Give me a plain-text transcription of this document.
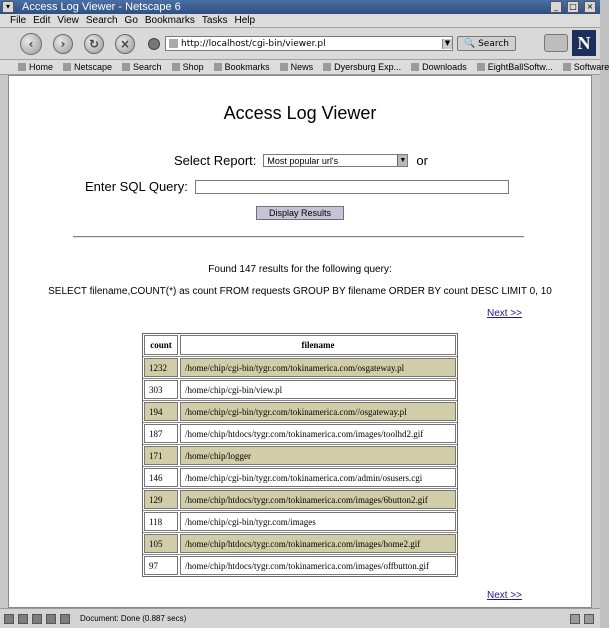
▾	Access Log Viewer - Netscape 6	_ □ ×
File Edit View Search Go Bookmarks Tasks Help
‹ › ↻ ×	http://localhost/cgi-bin/viewer.pl	▼ 🔍 Search	N
Home Netscape Search Shop Bookmarks News Dyersburg Exp... Downloads EightBallSoftw... Software
Access Log Viewer
Select Report: Most popular url's	▼ or
Enter SQL Query:
Display Results
Found 147 results for the following query:
SELECT filename,COUNT(*) as count FROM requests GROUP BY filename ORDER BY count DESC LIMIT 0, 10
Next >>
count	filename
1232	/home/chip/cgi-bin/tygr.com/tokinamerica.com/osgateway.pl
303	/home/chip/cgi-bin/view.pl
194	/home/chip/cgi-bin/tygr.com/tokinamerica.com//osgateway.pl
187	/home/chip/htdocs/tygr.com/tokinamerica.com/images/toolhd2.gif
171	/home/chip/logger
146	/home/chip/cgi-bin/tygr.com/tokinamerica.com/admin/osusers.cgi
129	/home/chip/htdocs/tygr.com/tokinamerica.com/images/6button2.gif
118	/home/chip/cgi-bin/tygr.com/images
105	/home/chip/htdocs/tygr.com/tokinamerica.com/images/home2.gif
97	/home/chip/htdocs/tygr.com/tokinamerica.com/images/offbutton.gif
Next >>
Document: Done (0.887 secs)
